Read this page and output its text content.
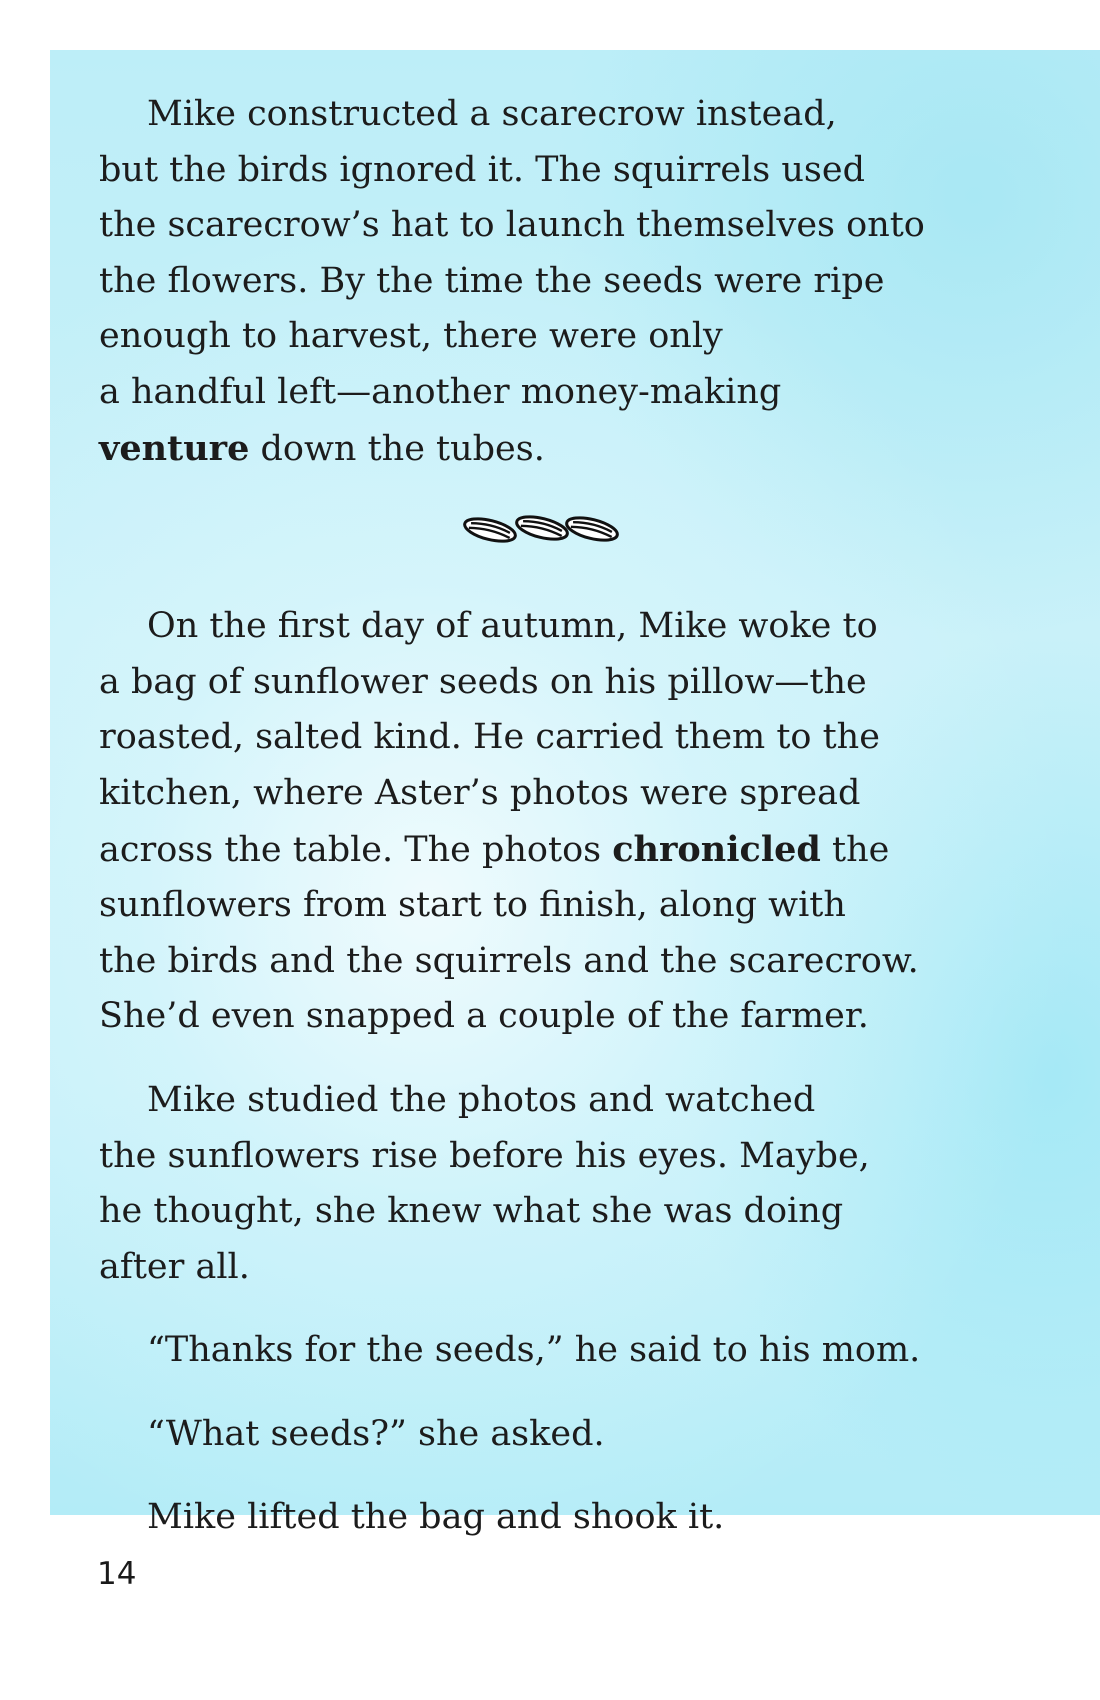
Mike constructed a scarecrow instead,
but the birds ignored it. The squirrels used
the scarecrow’s hat to launch themselves onto
the flowers. By the time the seeds were ripe
enough to harvest, there were only
a handful left—another money-making
venture down the tubes.

On the first day of autumn, Mike woke to
a bag of sunflower seeds on his pillow—the
roasted, salted kind. He carried them to the
kitchen, where Aster’s photos were spread
across the table. The photos chronicled the
sunflowers from start to finish, along with
the birds and the squirrels and the scarecrow.
She’d even snapped a couple of the farmer.

Mike studied the photos and watched
the sunflowers rise before his eyes. Maybe,
he thought, she knew what she was doing
after all.

“Thanks for the seeds,” he said to his mom.

“What seeds?” she asked.

Mike lifted the bag and shook it.

14
